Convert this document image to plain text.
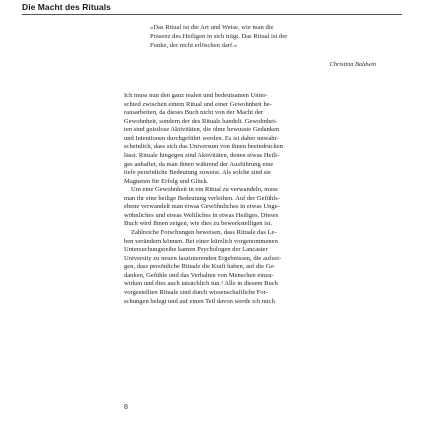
Die Macht des Rituals
»Das Ritual ist die Art und Weise, wie man die
Präsenz des Heiligen in sich trägt. Das Ritual ist der
Funke, der nicht erlöschen darf.«
Christina Baldwin
Ich muss nun den ganz realen und bedeutsamen Unter-
schied zwischen einem Ritual und einer Gewohnheit he-
rausarbeiten, da dieses Buch nicht von der Macht der
Gewohnheit, sondern der des Rituals handelt. Gewohnhei-
ten sind geistlose Aktivitäten, die ohne bewusste Gedanken
und Intentionen durchgeführt werden. Es ist daher unwahr-
scheinlich, dass sich das Universum von ihnen beeindrucken
lässt. Rituale hingegen sind Aktivitäten, denen etwas Heili-
ges anhaftet, da man ihnen während der Ausführung eine
tiefe persönliche Bedeutung zuweist. Als solche sind sie
Magneten für Erfolg und Glück.
Um eine Gewohnheit in ein Ritual zu verwandeln, muss
man ihr eine heilige Bedeutung verleihen. Auf der Gefühls-
ebene verwandelt man etwas Gewöhnliches in etwas Unge-
wöhnliches und etwas Weltliches in etwas Heiliges. Dieses
Buch wird Ihnen zeigen, wie dies zu bewerkstelligen ist.
Zahlreiche Forschungen beweisen, dass Rituale das Le-
ben verändern können. Bei einer kürzlich vorgenommenen
Untersuchungsreihe kamen Psychologen der Lancaster
University zu neuen faszinierenden Ergebnissen, die aufzei-
gen, dass persönliche Rituale die Kraft haben, auf die Ge-
danken, Gefühle und das Verhalten von Menschen einzu-
wirken und dies auch tatsächlich tun.¹ Alle in diesem Buch
vorgestellten Rituale sind durch wissenschaftliche For-
schungen belegt und auf einen Teil davon werde ich mich
8
